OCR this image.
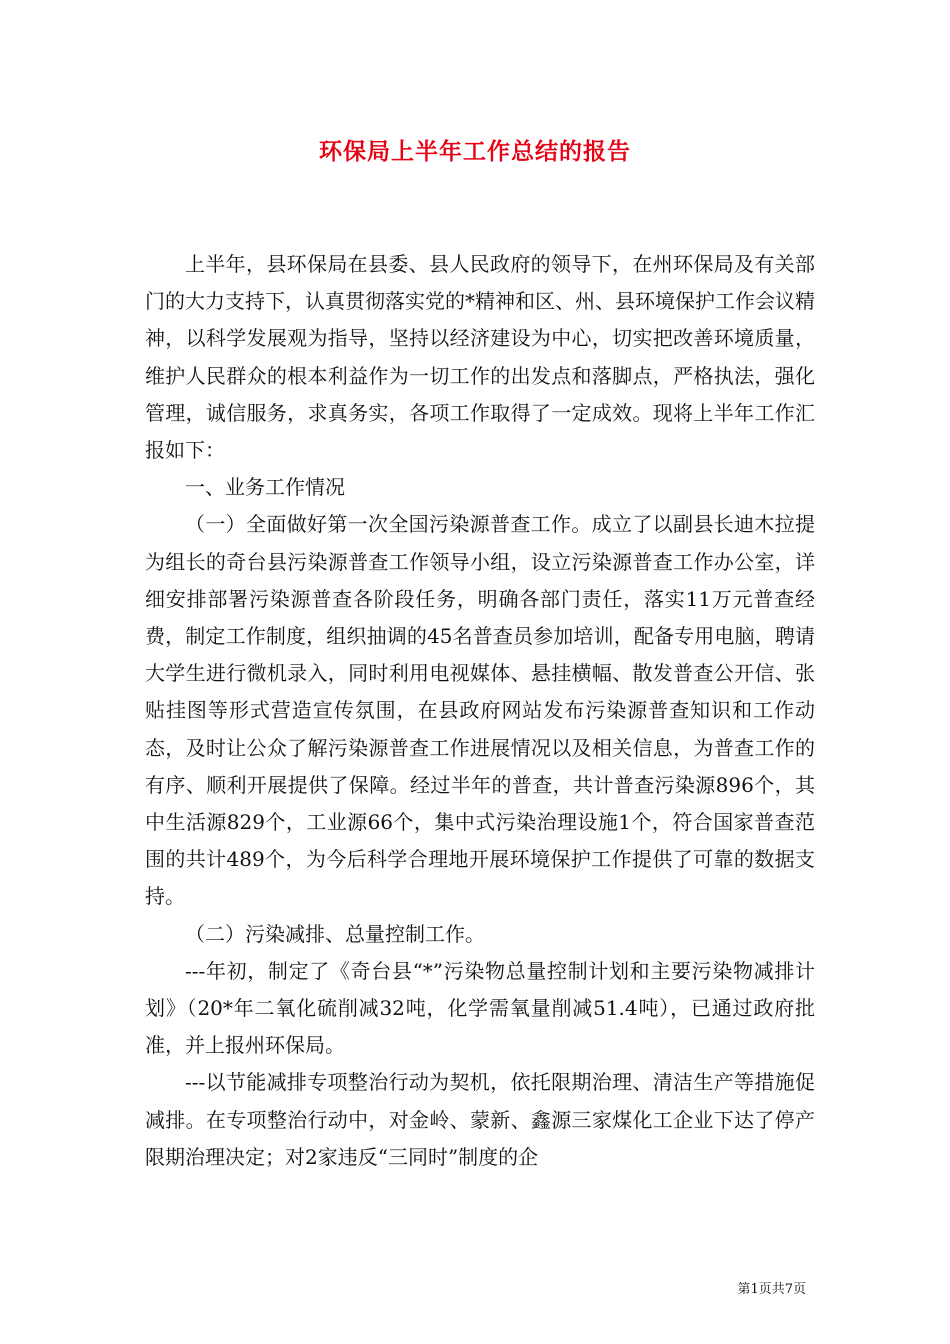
环保局上半年工作总结的报告

上半年，县环保局在县委、县人民政府的领导下，在州环保局及有关部门的大力支持下，认真贯彻落实党的*精神和区、州、县环境保护工作会议精神，以科学发展观为指导，坚持以经济建设为中心，切实把改善环境质量，维护人民群众的根本利益作为一切工作的出发点和落脚点，严格执法，强化管理，诚信服务，求真务实，各项工作取得了一定成效。现将上半年工作汇报如下：

一、业务工作情况

（一）全面做好第一次全国污染源普查工作。成立了以副县长迪木拉提为组长的奇台县污染源普查工作领导小组，设立污染源普查工作办公室，详细安排部署污染源普查各阶段任务，明确各部门责任，落实11万元普查经费，制定工作制度，组织抽调的45名普查员参加培训，配备专用电脑，聘请大学生进行微机录入，同时利用电视媒体、悬挂横幅、散发普查公开信、张贴挂图等形式营造宣传氛围，在县政府网站发布污染源普查知识和工作动态，及时让公众了解污染源普查工作进展情况以及相关信息，为普查工作的有序、顺利开展提供了保障。经过半年的普查，共计普查污染源896个，其中生活源829个，工业源66个，集中式污染治理设施1个，符合国家普查范围的共计489个，为今后科学合理地开展环境保护工作提供了可靠的数据支持。

（二）污染减排、总量控制工作。

---年初，制定了《奇台县“*”污染物总量控制计划和主要污染物减排计划》（20*年二氧化硫削减32吨，化学需氧量削减51.4吨），已通过政府批准，并上报州环保局。

---以节能减排专项整治行动为契机，依托限期治理、清洁生产等措施促减排。在专项整治行动中，对金岭、蒙新、鑫源三家煤化工企业下达了停产限期治理决定；对2家违反“三同时”制度的企

第1页共7页
